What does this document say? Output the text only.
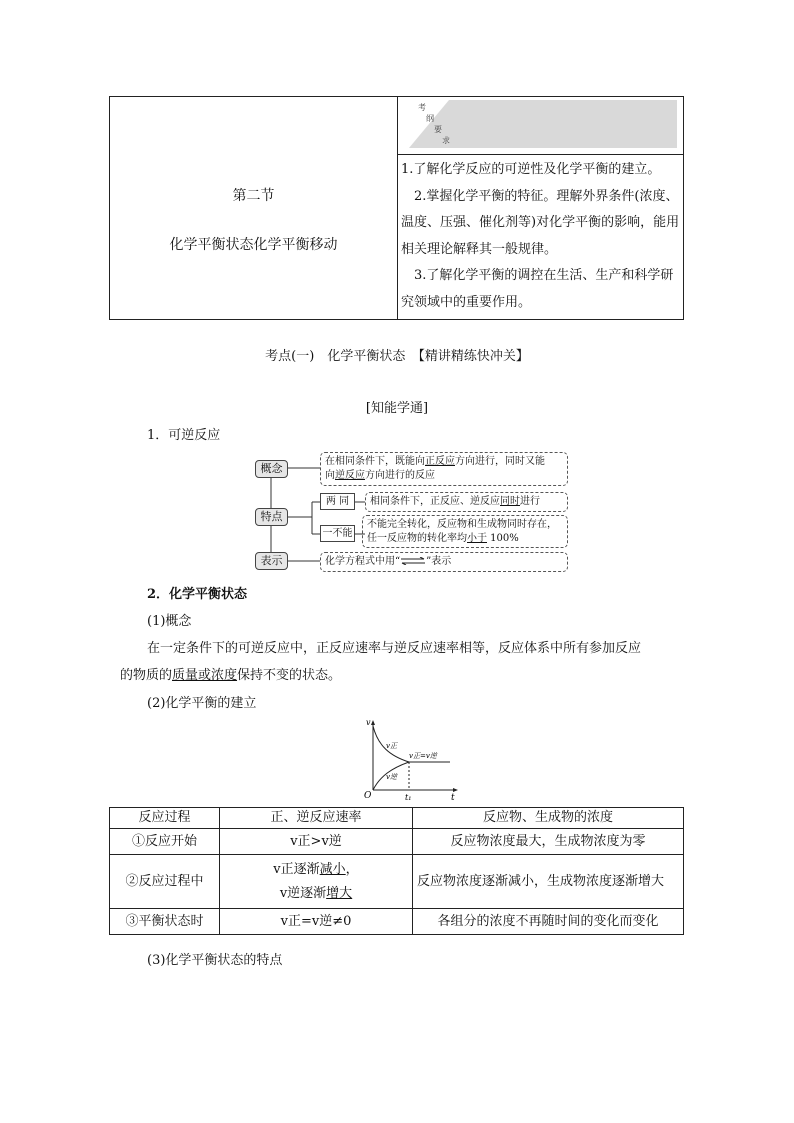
第二节
化学平衡状态化学平衡移动
考
纲
要
求

1.了解化学反应的可逆性及化学平衡的建立。

2.掌握化学平衡的特征。理解外界条件(浓度、温度、压强、催化剂等)对化学平衡的影响，能用相关理论解释其一般规律。

3.了解化学平衡的调控在生活、生产和科学研究领域中的重要作用。

考点(一)　化学平衡状态　【精讲精练快冲关】
[知能学通]
1．可逆反应
概念
在相同条件下，既能向正反应方向进行，同时又能
向逆反应方向进行的反应
特点
两 同	相同条件下，正反应、逆反应同时进行
一不能
不能完全转化，反应物和生成物同时存在，
任一反应物的转化率均小于 100%
表示	化学方程式中用“⇌”表示
2．化学平衡状态
(1)概念
在一定条件下的可逆反应中，正反应速率与逆反应速率相等，反应体系中所有参加反应
的物质的质量或浓度保持不变的状态。
(2)化学平衡的建立
v
O	t
t₁
v正
v逆
v正=v逆
反应过程	正、逆反应速率	反应物、生成物的浓度
①反应开始	v正>v逆	反应物浓度最大，生成物浓度为零
②反应过程中	v正逐渐减小，
v逆逐渐增大	反应物浓度逐渐减小，生成物浓度逐渐增大
③平衡状态时	v正=v逆≠0	各组分的浓度不再随时间的变化而变化
(3)化学平衡状态的特点
